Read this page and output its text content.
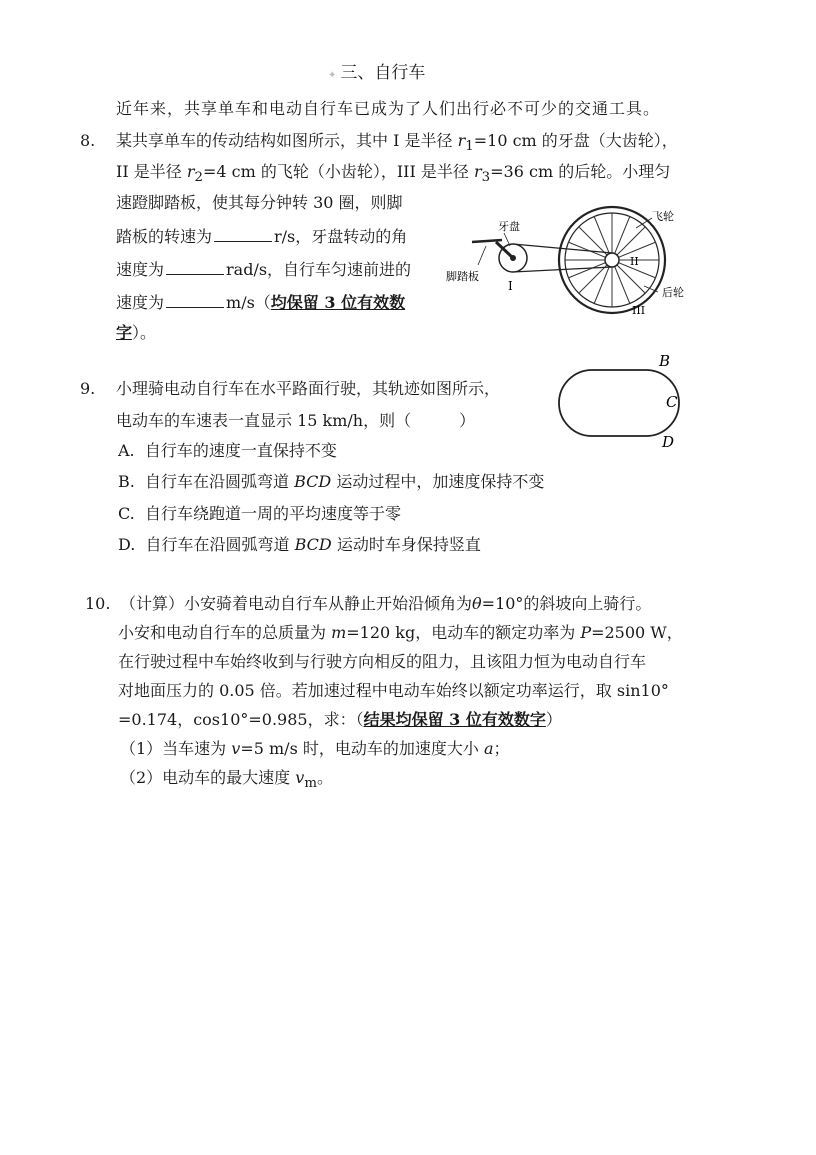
✦ 三、自行车
近年来，共享单车和电动自行车已成为了人们出行必不可少的交通工具。
8. 某共享单车的传动结构如图所示，其中 I 是半径 $r_1=10$ cm 的牙盘（大齿轮），
II 是半径 $r_2=4$ cm 的飞轮（小齿轮），III 是半径 $r_3=36$ cm 的后轮。小理匀
速蹬脚踏板，使其每分钟转 30 圈，则脚
踏板的转速为	r/s，牙盘转动的角
速度为	rad/s，自行车匀速前进的
速度为	m/s（均保留 3 位有效数
字）。
牙盘
飞轮
后轮
脚踏板
I
II
III
9. 小理骑电动自行车在水平路面行驶，其轨迹如图所示，
电动车的车速表一直显示 15 km/h，则（　　　）
A. 自行车的速度一直保持不变
B. 自行车在沿圆弧弯道 BCD 运动过程中，加速度保持不变
C. 自行车绕跑道一周的平均速度等于零
D. 自行车在沿圆弧弯道 BCD 运动时车身保持竖直
B
C
D
10. （计算）小安骑着电动自行车从静止开始沿倾角为θ=10°的斜坡向上骑行。
小安和电动自行车的总质量为 m=120 kg，电动车的额定功率为 P=2500 W，
在行驶过程中车始终收到与行驶方向相反的阻力，且该阻力恒为电动自行车
对地面压力的 0.05 倍。若加速过程中电动车始终以额定功率运行，取 sin10°
=0.174，cos10°=0.985，求：（结果均保留 3 位有效数字）
（1）当车速为 v=5 m/s 时，电动车的加速度大小 a；
（2）电动车的最大速度 $v_m$。
